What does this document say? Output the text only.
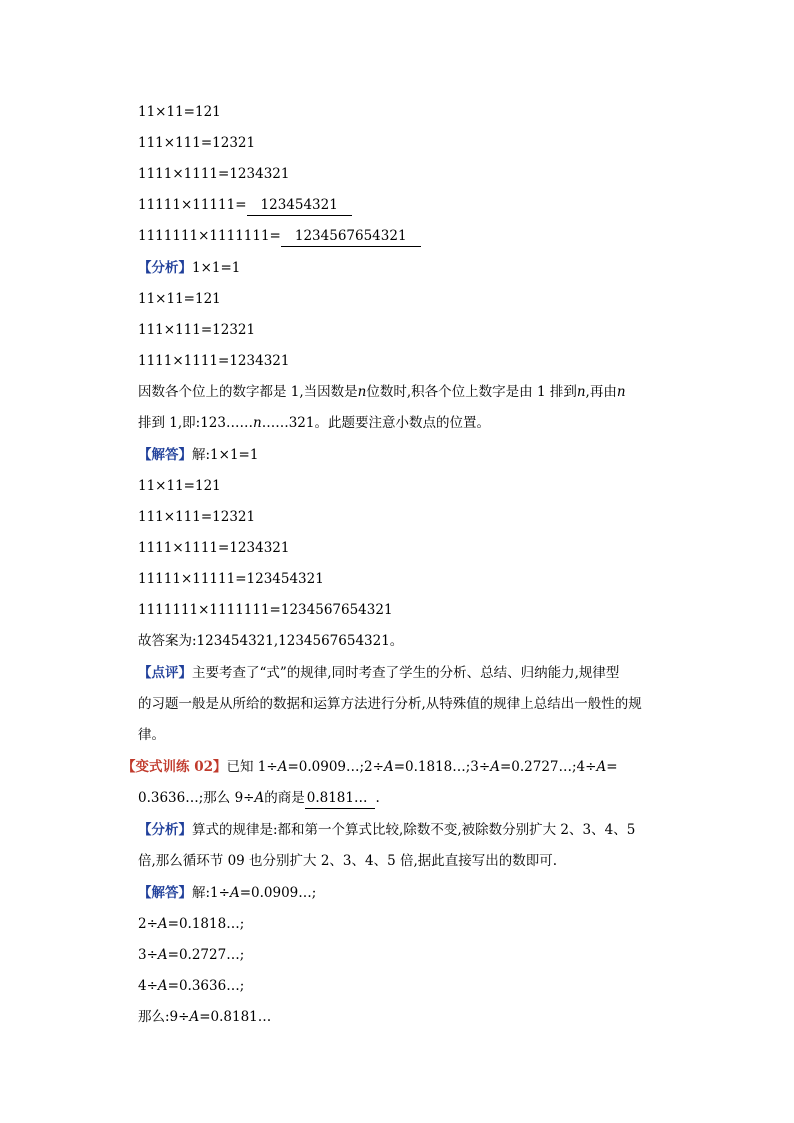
11×11=121
111×111=12321
1111×1111=1234321
11111×11111= 123454321
1111111×1111111= 1234567654321
【分析】1×1=1
11×11=121
111×111=12321
1111×1111=1234321
因数各个位上的数字都是 1,当因数是n位数时,积各个位上数字是由 1 排到n,再由n
排到 1,即:123……n……321。此题要注意小数点的位置。
【解答】解:1×1=1
11×11=121
111×111=12321
1111×1111=1234321
11111×11111=123454321
1111111×1111111=1234567654321
故答案为:123454321,1234567654321。
【点评】主要考查了“式”的规律,同时考查了学生的分析、总结、归纳能力,规律型
的习题一般是从所给的数据和运算方法进行分析,从特殊值的规律上总结出一般性的规
律。
【变式训练 02】已知 1÷A=0.0909…;2÷A=0.1818…;3÷A=0.2727…;4÷A=
0.3636…;那么 9÷A的商是 0.8181… .
【分析】算式的规律是:都和第一个算式比较,除数不变,被除数分别扩大 2、3、4、5
倍,那么循环节 09 也分别扩大 2、3、4、5 倍,据此直接写出的数即可.
【解答】解:1÷A=0.0909…;
2÷A=0.1818…;
3÷A=0.2727…;
4÷A=0.3636…;
那么:9÷A=0.8181…
